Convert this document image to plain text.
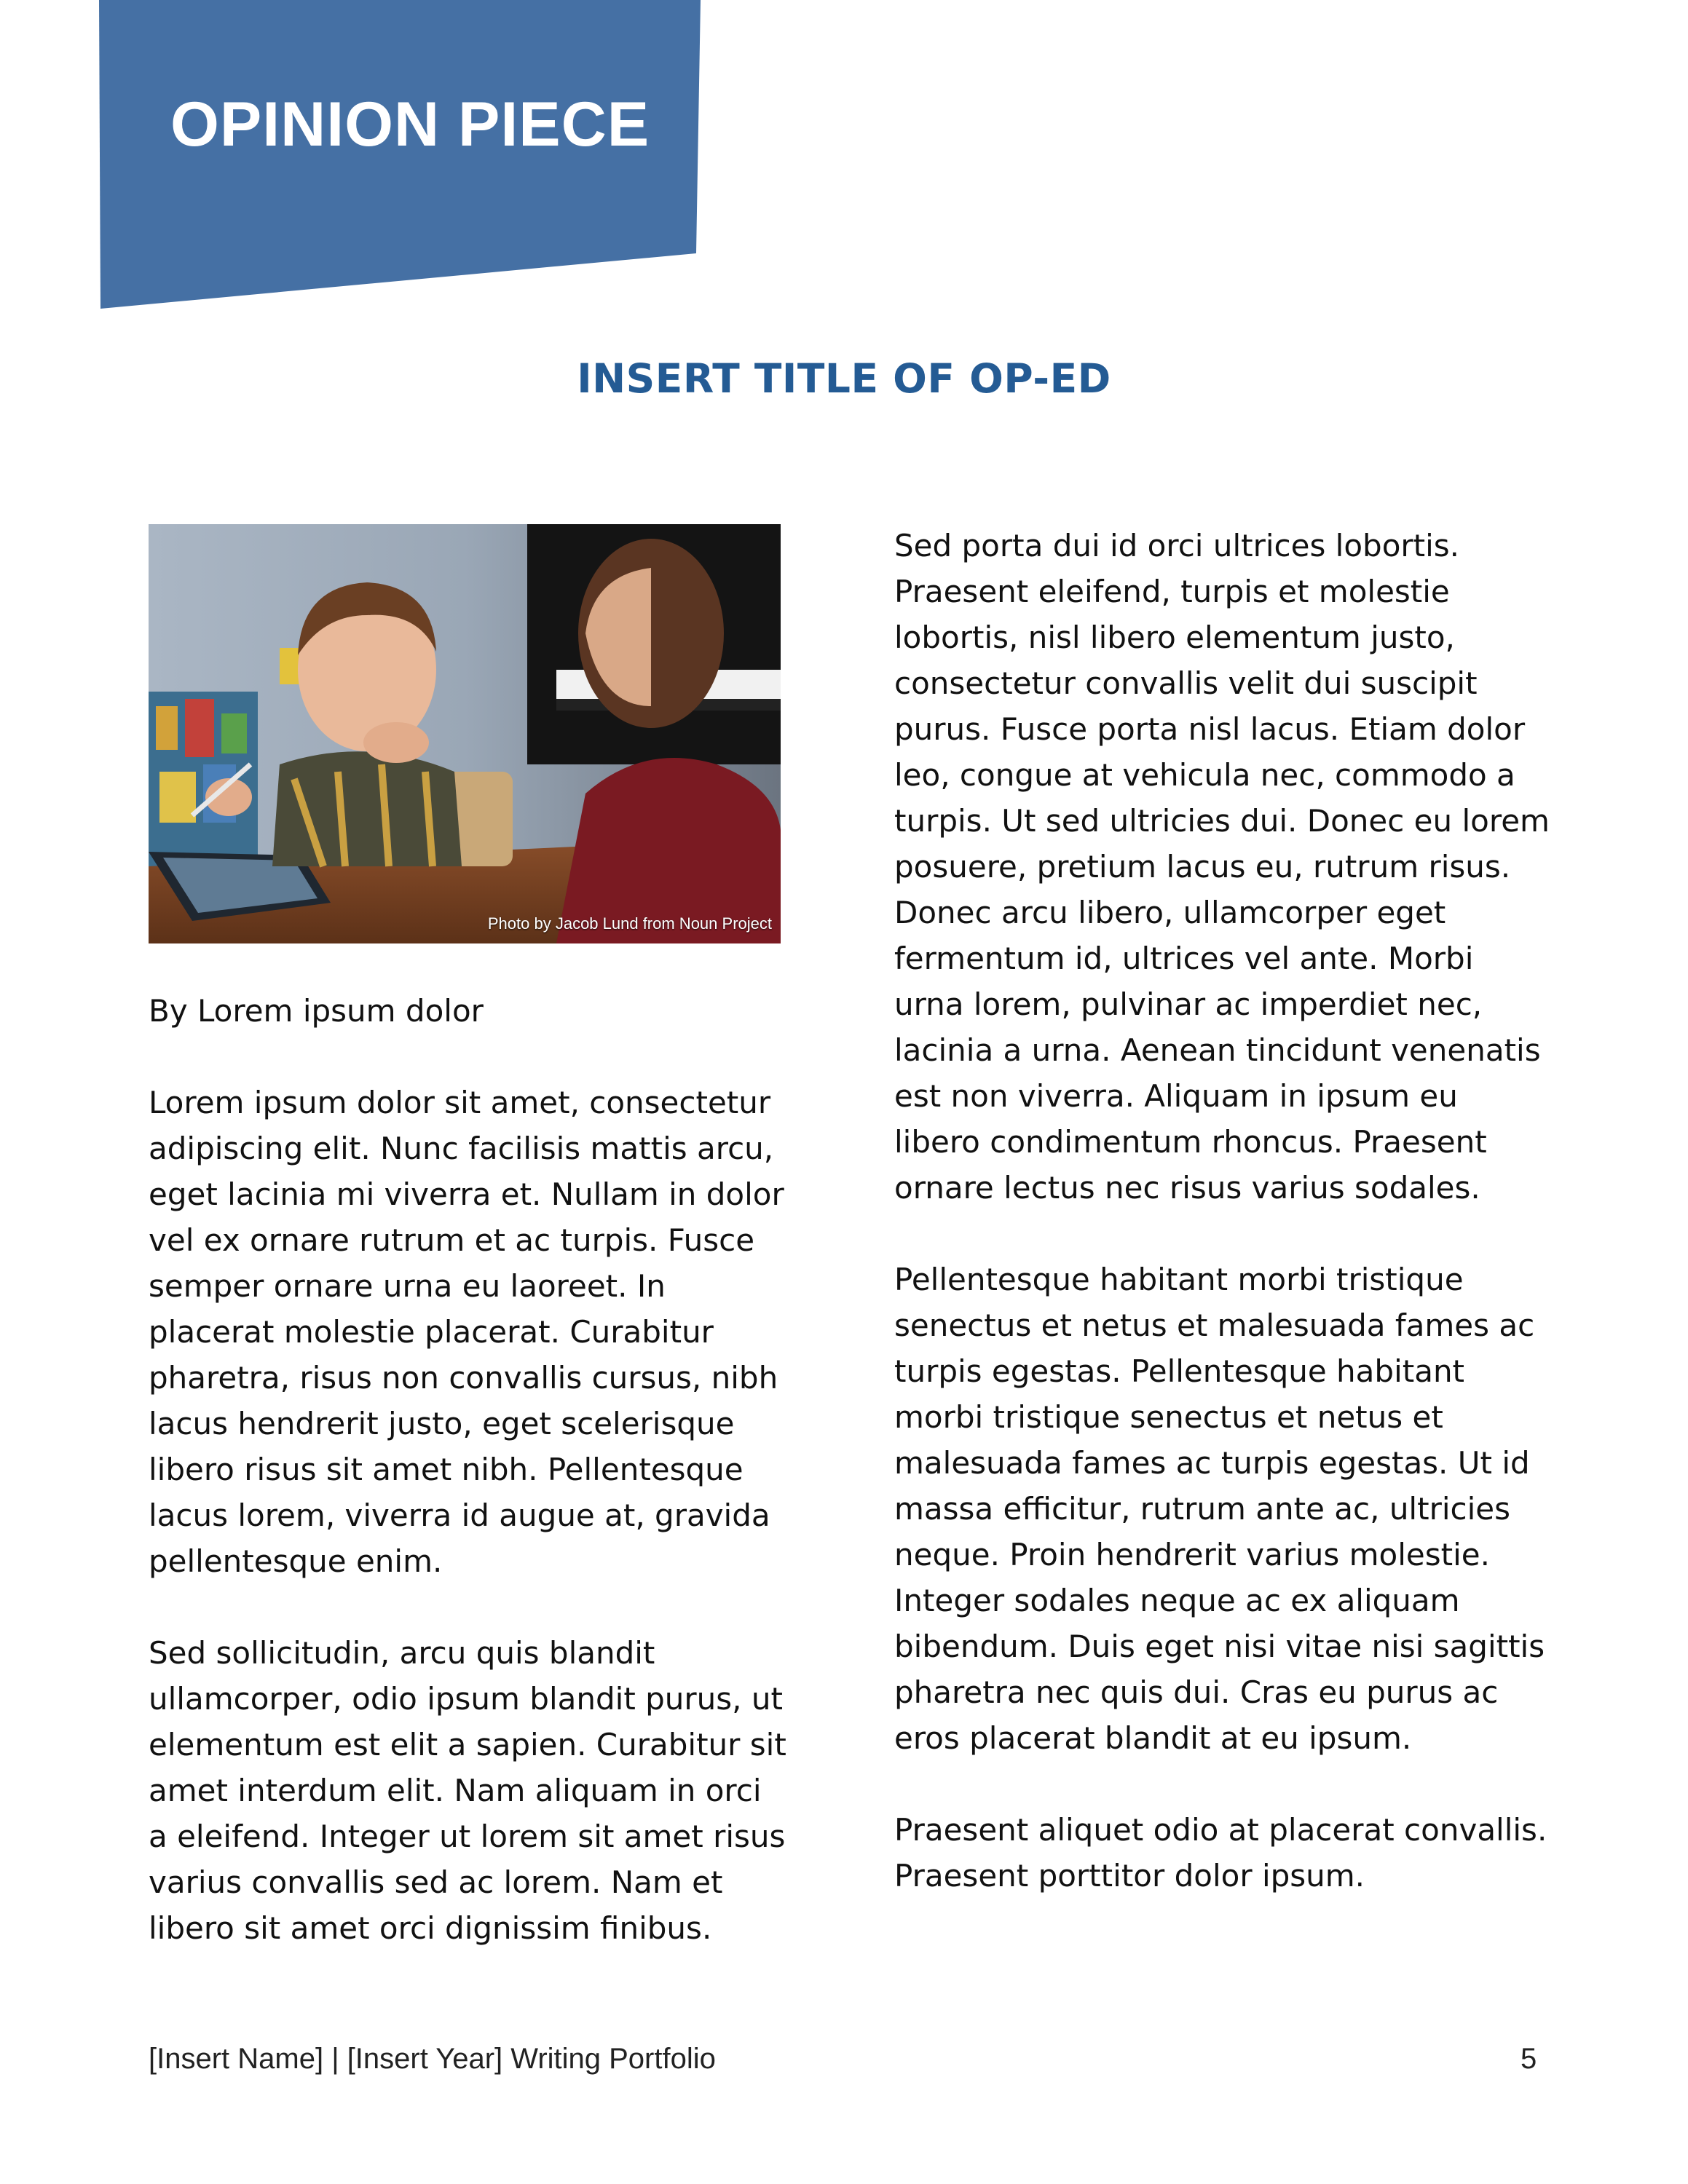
OPINION PIECE
INSERT TITLE OF OP-ED
Photo by Jacob Lund from Noun Project

By Lorem ipsum dolor

Lorem ipsum dolor sit amet, consectetur adipiscing elit. Nunc facilisis mattis arcu, eget lacinia mi viverra et. Nullam in dolor vel ex ornare rutrum et ac turpis. Fusce semper ornare urna eu laoreet. In placerat molestie placerat. Curabitur pharetra, risus non convallis cursus, nibh lacus hendrerit justo, eget scelerisque libero risus sit amet nibh. Pellentesque lacus lorem, viverra id augue at, gravida pellentesque enim.

Sed sollicitudin, arcu quis blandit ullamcorper, odio ipsum blandit purus, ut elementum est elit a sapien. Curabitur sit amet interdum elit. Nam aliquam in orci a eleifend. Integer ut lorem sit amet risus varius convallis sed ac lorem. Nam et libero sit amet orci dignissim finibus.

Sed porta dui id orci ultrices lobortis. Praesent eleifend, turpis et molestie lobortis, nisl libero elementum justo, consectetur convallis velit dui suscipit purus. Fusce porta nisl lacus. Etiam dolor leo, congue at vehicula nec, commodo a turpis. Ut sed ultricies dui. Donec eu lorem posuere, pretium lacus eu, rutrum risus. Donec arcu libero, ullamcorper eget fermentum id, ultrices vel ante. Morbi urna lorem, pulvinar ac imperdiet nec, lacinia a urna. Aenean tincidunt venenatis est non viverra. Aliquam in ipsum eu libero condimentum rhoncus. Praesent ornare lectus nec risus varius sodales.

Pellentesque habitant morbi tristique senectus et netus et malesuada fames ac turpis egestas. Pellentesque habitant morbi tristique senectus et netus et malesuada fames ac turpis egestas. Ut id massa efficitur, rutrum ante ac, ultricies neque. Proin hendrerit varius molestie. Integer sodales neque ac ex aliquam bibendum. Duis eget nisi vitae nisi sagittis pharetra nec quis dui. Cras eu purus ac eros placerat blandit at eu ipsum.

Praesent aliquet odio at placerat convallis. Praesent porttitor dolor ipsum.

[Insert Name] | [Insert Year] Writing Portfolio	5
